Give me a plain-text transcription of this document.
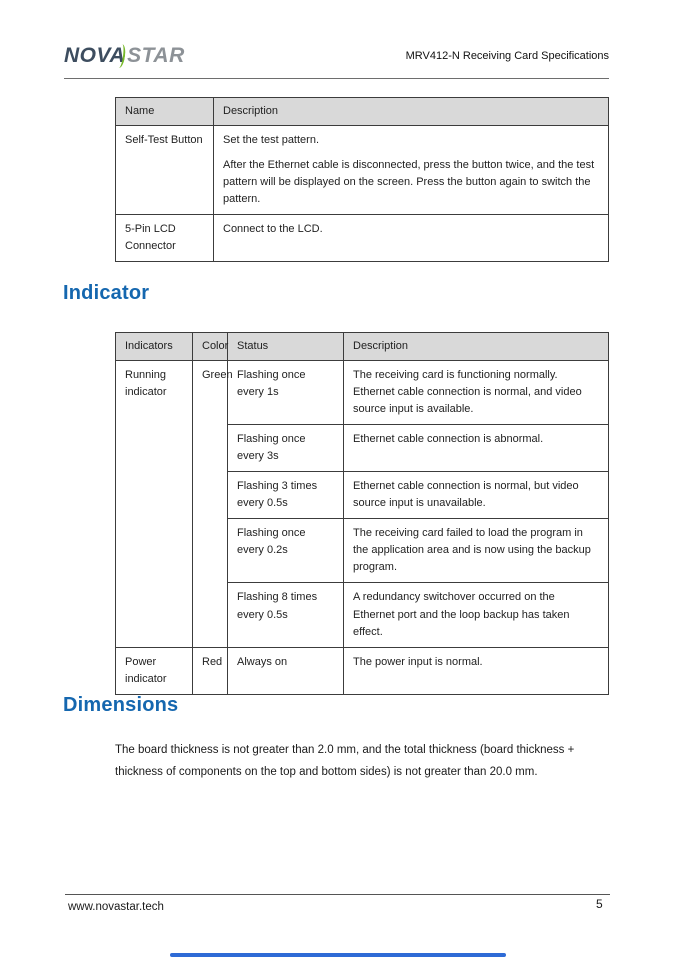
NOVA STAR	MRV412-N Receiving Card Specifications
Name	Description
Self-Test Button	Set the test pattern.

After the Ethernet cable is disconnected, press the button twice, and the test pattern will be displayed on the screen. Press the button again to switch the pattern.

5-Pin LCD Connector	Connect to the LCD.
Indicator
Indicators	Color	Status	Description
Running indicator	Green	Flashing once every 1s	The receiving card is functioning normally. Ethernet cable connection is normal, and video source input is available.
		Flashing once every 3s	Ethernet cable connection is abnormal.
		Flashing 3 times every 0.5s	Ethernet cable connection is normal, but video source input is unavailable.
		Flashing once every 0.2s	The receiving card failed to load the program in the application area and is now using the backup program.
		Flashing 8 times every 0.5s	A redundancy switchover occurred on the Ethernet port and the loop backup has taken effect.
Power indicator	Red	Always on	The power input is normal.
Dimensions

The board thickness is not greater than 2.0 mm, and the total thickness (board thickness + thickness of components on the top and bottom sides) is not greater than 20.0 mm.

www.novastar.tech	5
